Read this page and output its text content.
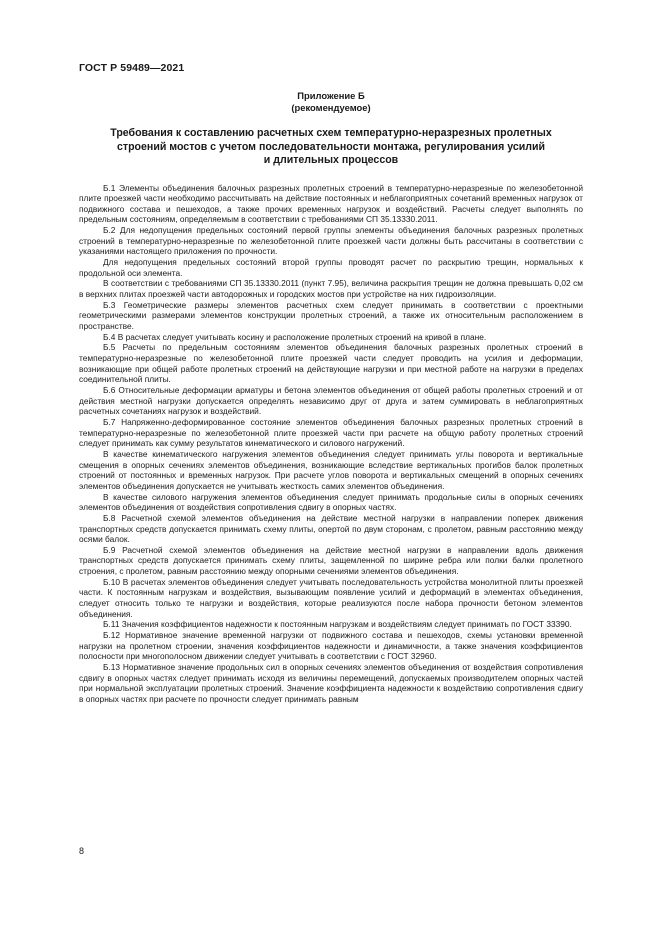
ГОСТ Р 59489—2021
Приложение Б
(рекомендуемое)
Требования к составлению расчетных схем температурно-неразрезных пролетных
строений мостов с учетом последовательности монтажа, регулирования усилий
и длительных процессов

Б.1 Элементы объединения балочных разрезных пролетных строений в температурно-неразрезные по железобетонной плите проезжей части необходимо рассчитывать на действие постоянных и неблагоприятных сочетаний временных нагрузок от подвижного состава и пешеходов, а также прочих временных нагрузок и воздействий. Расчеты следует выполнять по предельным состояниям, определяемым в соответствии с требованиями СП 35.13330.2011.

Б.2 Для недопущения предельных состояний первой группы элементы объединения балочных разрезных пролетных строений в температурно-неразрезные по железобетонной плите проезжей части должны быть рассчитаны в соответствии с указаниями настоящего приложения по прочности.

Для недопущения предельных состояний второй группы проводят расчет по раскрытию трещин, нормальных к продольной оси элемента.

В соответствии с требованиями СП 35.13330.2011 (пункт 7.95), величина раскрытия трещин не должна превышать 0,02 см в верхних плитах проезжей части автодорожных и городских мостов при устройстве на них гидроизоляции.

Б.3 Геометрические размеры элементов расчетных схем следует принимать в соответствии с проектными геометрическими размерами элементов конструкции пролетных строений, а также их относительным расположением в пространстве.

Б.4 В расчетах следует учитывать косину и расположение пролетных строений на кривой в плане.

Б.5 Расчеты по предельным состояниям элементов объединения балочных разрезных пролетных строений в температурно-неразрезные по железобетонной плите проезжей части следует проводить на усилия и деформации, возникающие при общей работе пролетных строений на действующие нагрузки и при местной работе на нагрузки в пределах соединительной плиты.

Б.6 Относительные деформации арматуры и бетона элементов объединения от общей работы пролетных строений и от действия местной нагрузки допускается определять независимо друг от друга и затем суммировать в неблагоприятных расчетных сочетаниях нагрузок и воздействий.

Б.7 Напряженно-деформированное состояние элементов объединения балочных разрезных пролетных строений в температурно-неразрезные по железобетонной плите проезжей части при расчете на общую работу пролетных строений следует принимать как сумму результатов кинематического и силового нагружений.

В качестве кинематического нагружения элементов объединения следует принимать углы поворота и вертикальные смещения в опорных сечениях элементов объединения, возникающие вследствие вертикальных прогибов балок пролетных строений от постоянных и временных нагрузок. При расчете углов поворота и вертикальных смещений в опорных сечениях элементов объединения допускается не учитывать жесткость самих элементов объединения.

В качестве силового нагружения элементов объединения следует принимать продольные силы в опорных сечениях элементов объединения от воздействия сопротивления сдвигу в опорных частях.

Б.8 Расчетной схемой элементов объединения на действие местной нагрузки в направлении поперек движения транспортных средств допускается принимать схему плиты, опертой по двум сторонам, с пролетом, равным расстоянию между осями балок.

Б.9 Расчетной схемой элементов объединения на действие местной нагрузки в направлении вдоль движения транспортных средств допускается принимать схему плиты, защемленной по ширине ребра или полки балки пролетного строения, с пролетом, равным расстоянию между опорными сечениями элементов объединения.

Б.10 В расчетах элементов объединения следует учитывать последовательность устройства монолитной плиты проезжей части. К постоянным нагрузкам и воздействия, вызывающим появление усилий и деформаций в элементах объединения, следует относить только те нагрузки и воздействия, которые реализуются после набора прочности бетоном элементов объединения.

Б.11 Значения коэффициентов надежности к постоянным нагрузкам и воздействиям следует принимать по ГОСТ 33390.

Б.12 Нормативное значение временной нагрузки от подвижного состава и пешеходов, схемы установки временной нагрузки на пролетном строении, значения коэффициентов надежности и динамичности, а также значения коэффициентов полосности при многополосном движении следует учитывать в соответствии с ГОСТ 32960.

Б.13 Нормативное значение продольных сил в опорных сечениях элементов объединения от воздействия сопротивления сдвигу в опорных частях следует принимать исходя из величины перемещений, допускаемых производителем опорных частей при нормальной эксплуатации пролетных строений. Значение коэффициента надежности к воздействию сопротивления сдвигу в опорных частях при расчете по прочности следует принимать равным

8
